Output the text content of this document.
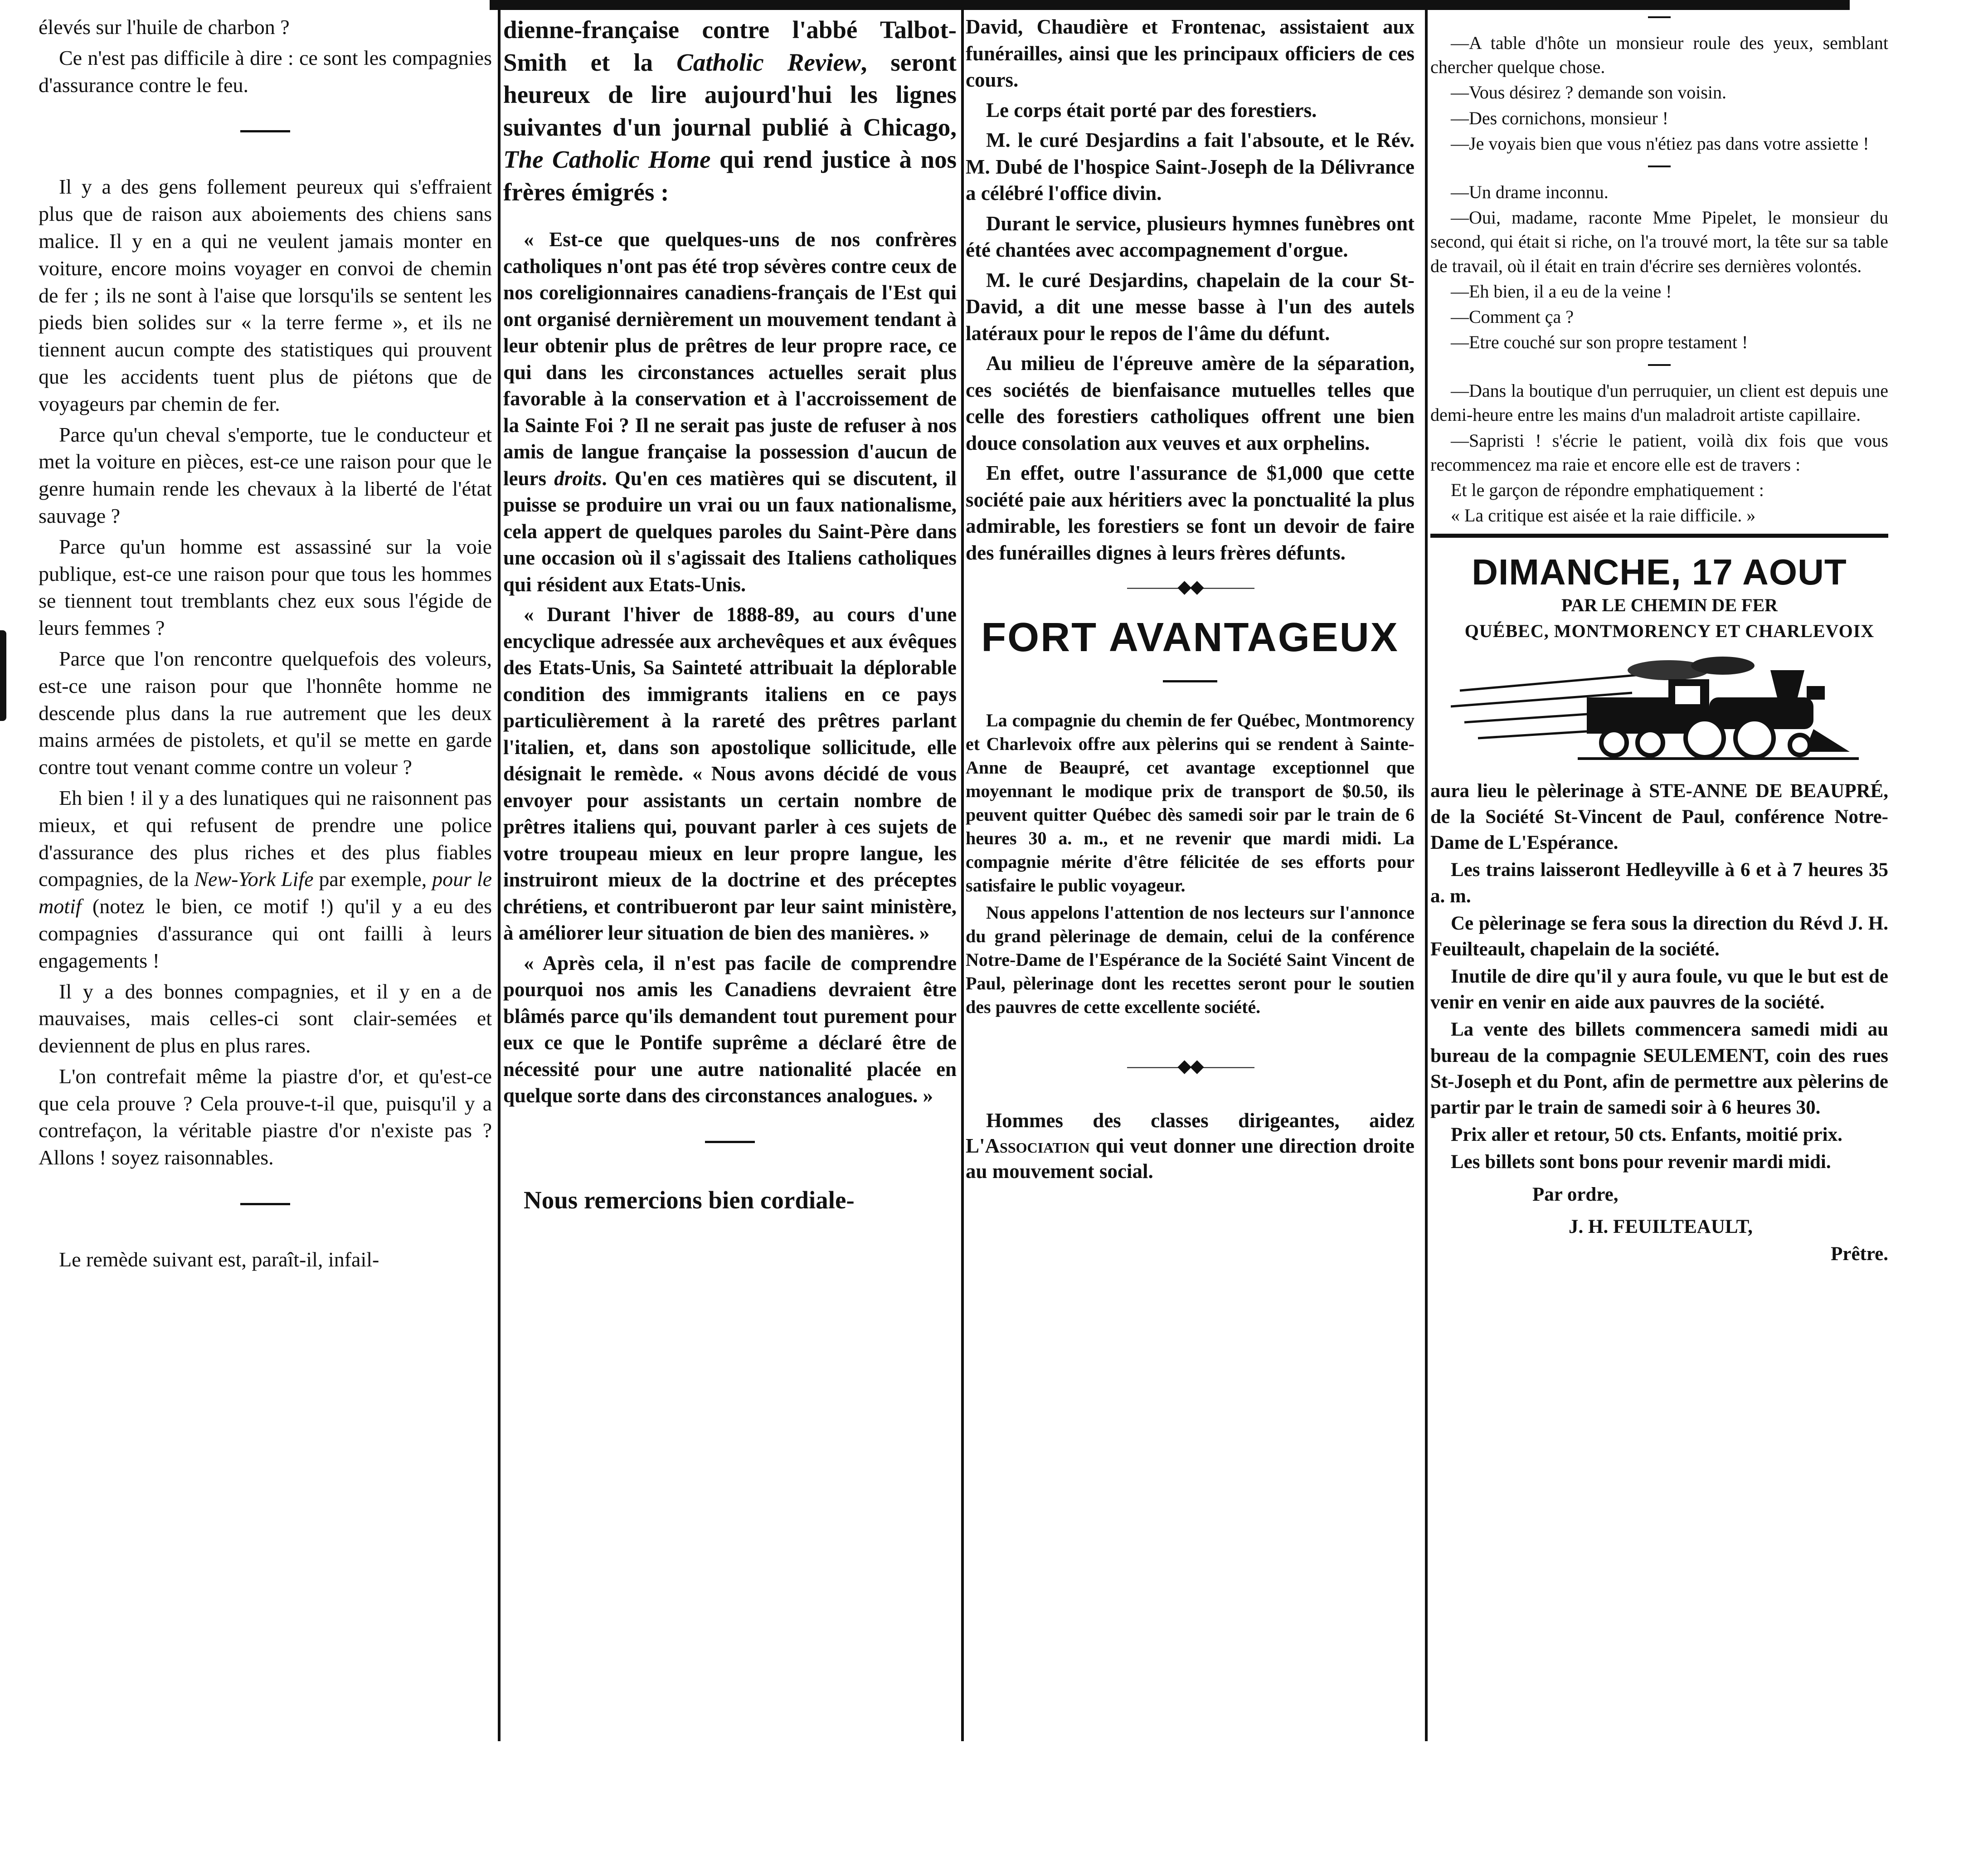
élevés sur l'huile de charbon ?

Ce n'est pas difficile à dire : ce sont les compagnies d'assurance contre le feu.

Il y a des gens follement peureux qui s'effraient plus que de raison aux aboiements des chiens sans malice. Il y en a qui ne veulent jamais monter en voiture, encore moins voyager en convoi de chemin de fer ; ils ne sont à l'aise que lorsqu'ils se sentent les pieds bien solides sur « la terre ferme », et ils ne tiennent aucun compte des statistiques qui prouvent que les accidents tuent plus de piétons que de voyageurs par chemin de fer.

Parce qu'un cheval s'emporte, tue le conducteur et met la voiture en pièces, est-ce une raison pour que le genre humain rende les chevaux à la liberté de l'état sauvage ?

Parce qu'un homme est assassiné sur la voie publique, est-ce une raison pour que tous les hommes se tiennent tout tremblants chez eux sous l'égide de leurs femmes ?

Parce que l'on rencontre quelquefois des voleurs, est-ce une raison pour que l'honnête homme ne descende plus dans la rue autrement que les deux mains armées de pistolets, et qu'il se mette en garde contre tout venant comme contre un voleur ?

Eh bien ! il y a des lunatiques qui ne raisonnent pas mieux, et qui refusent de prendre une police d'assurance des plus riches et des plus fiables compagnies, de la New-York Life par exemple, pour le motif (notez le bien, ce motif !) qu'il y a eu des compagnies d'assurance qui ont failli à leurs engagements !

Il y a des bonnes compagnies, et il y en a de mauvaises, mais celles-ci sont clair-semées et deviennent de plus en plus rares.

L'on contrefait même la piastre d'or, et qu'est-ce que cela prouve ? Cela prouve-t-il que, puisqu'il y a contrefaçon, la véritable piastre d'or n'existe pas ? Allons ! soyez raisonnables.

Le remède suivant est, paraît-il, infail-

dienne-française contre l'abbé Talbot-Smith et la Catholic Review, seront heureux de lire aujourd'hui les lignes suivantes d'un journal publié à Chicago, The Catholic Home qui rend justice à nos frères émigrés :

« Est-ce que quelques-uns de nos confrères catholiques n'ont pas été trop sévères contre ceux de nos coreligionnaires canadiens-français de l'Est qui ont organisé dernièrement un mouvement tendant à leur obtenir plus de prêtres de leur propre race, ce qui dans les circonstances actuelles serait plus favorable à la conservation et à l'accroissement de la Sainte Foi ? Il ne serait pas juste de refuser à nos amis de langue française la possession d'aucun de leurs droits. Qu'en ces matières qui se discutent, il puisse se produire un vrai ou un faux nationalisme, cela appert de quelques paroles du Saint-Père dans une occasion où il s'agissait des Italiens catholiques qui résident aux Etats-Unis.

« Durant l'hiver de 1888-89, au cours d'une encyclique adressée aux archevêques et aux évêques des Etats-Unis, Sa Sainteté attribuait la déplorable condition des immigrants italiens en ce pays particulièrement à la rareté des prêtres parlant l'italien, et, dans son apostolique sollicitude, elle désignait le remède. « Nous avons décidé de vous envoyer pour assistants un certain nombre de prêtres italiens qui, pouvant parler à ces sujets de votre troupeau mieux en leur propre langue, les instruiront mieux de la doctrine et des préceptes chrétiens, et contribueront par leur saint ministère, à améliorer leur situation de bien des manières. »

« Après cela, il n'est pas facile de comprendre pourquoi nos amis les Canadiens devraient être blâmés parce qu'ils demandent tout purement pour eux ce que le Pontife suprême a déclaré être de nécessité pour une autre nationalité placée en quelque sorte dans des circonstances analogues. »

Nous remercions bien cordiale-

David, Chaudière et Frontenac, assistaient aux funérailles, ainsi que les principaux officiers de ces cours.

Le corps était porté par des forestiers.

M. le curé Desjardins a fait l'absoute, et le Rév. M. Dubé de l'hospice Saint-Joseph de la Délivrance a célébré l'office divin.

Durant le service, plusieurs hymnes funèbres ont été chantées avec accompagnement d'orgue.

M. le curé Desjardins, chapelain de la cour St-David, a dit une messe basse à l'un des autels latéraux pour le repos de l'âme du défunt.

Au milieu de l'épreuve amère de la séparation, ces sociétés de bienfaisance mutuelles telles que celle des forestiers catholiques offrent une bien douce consolation aux veuves et aux orphelins.

En effet, outre l'assurance de $1,000 que cette société paie aux héritiers avec la ponctualité la plus admirable, les forestiers se font un devoir de faire des funérailles dignes à leurs frères défunts.

———◆◆———
FORT AVANTAGEUX

La compagnie du chemin de fer Québec, Montmorency et Charlevoix offre aux pèlerins qui se rendent à Sainte-Anne de Beaupré, cet avantage exceptionnel que moyennant le modique prix de transport de $0.50, ils peuvent quitter Québec dès samedi soir par le train de 6 heures 30 a. m., et ne revenir que mardi midi. La compagnie mérite d'être félicitée de ses efforts pour satisfaire le public voyageur.

Nous appelons l'attention de nos lecteurs sur l'annonce du grand pèlerinage de demain, celui de la conférence Notre-Dame de l'Espérance de la Société Saint Vincent de Paul, pèlerinage dont les recettes seront pour le soutien des pauvres de cette excellente société.

———◆◆———

Hommes des classes dirigeantes, aidez L'Association qui veut donner une direction droite au mouvement social.

—A table d'hôte un monsieur roule des yeux, semblant chercher quelque chose.

—Vous désirez ? demande son voisin.

—Des cornichons, monsieur !

—Je voyais bien que vous n'étiez pas dans votre assiette !

—Un drame inconnu.

—Oui, madame, raconte Mme Pipelet, le monsieur du second, qui était si riche, on l'a trouvé mort, la tête sur sa table de travail, où il était en train d'écrire ses dernières volontés.

—Eh bien, il a eu de la veine !

—Comment ça ?

—Etre couché sur son propre testament !

—Dans la boutique d'un perruquier, un client est depuis une demi-heure entre les mains d'un maladroit artiste capillaire.

—Sapristi ! s'écrie le patient, voilà dix fois que vous recommencez ma raie et encore elle est de travers :

Et le garçon de répondre emphatiquement :

« La critique est aisée et la raie difficile. »

DIMANCHE, 17 AOUT

PAR LE CHEMIN DE FER

QUÉBEC, MONTMORENCY ET CHARLEVOIX

aura lieu le pèlerinage à STE-ANNE DE BEAUPRÉ, de la Société St-Vincent de Paul, conférence Notre-Dame de L'Espérance.

Les trains laisseront Hedleyville à 6 et à 7 heures 35 a. m.

Ce pèlerinage se fera sous la direction du Révd J. H. Feuilteault, chapelain de la société.

Inutile de dire qu'il y aura foule, vu que le but est de venir en venir en aide aux pauvres de la société.

La vente des billets commencera samedi midi au bureau de la compagnie SEULEMENT, coin des rues St-Joseph et du Pont, afin de permettre aux pèlerins de partir par le train de samedi soir à 6 heures 30.

Prix aller et retour, 50 cts. Enfants, moitié prix.

Les billets sont bons pour revenir mardi midi.

Par ordre,

J. H. FEUILTEAULT,

Prêtre.
